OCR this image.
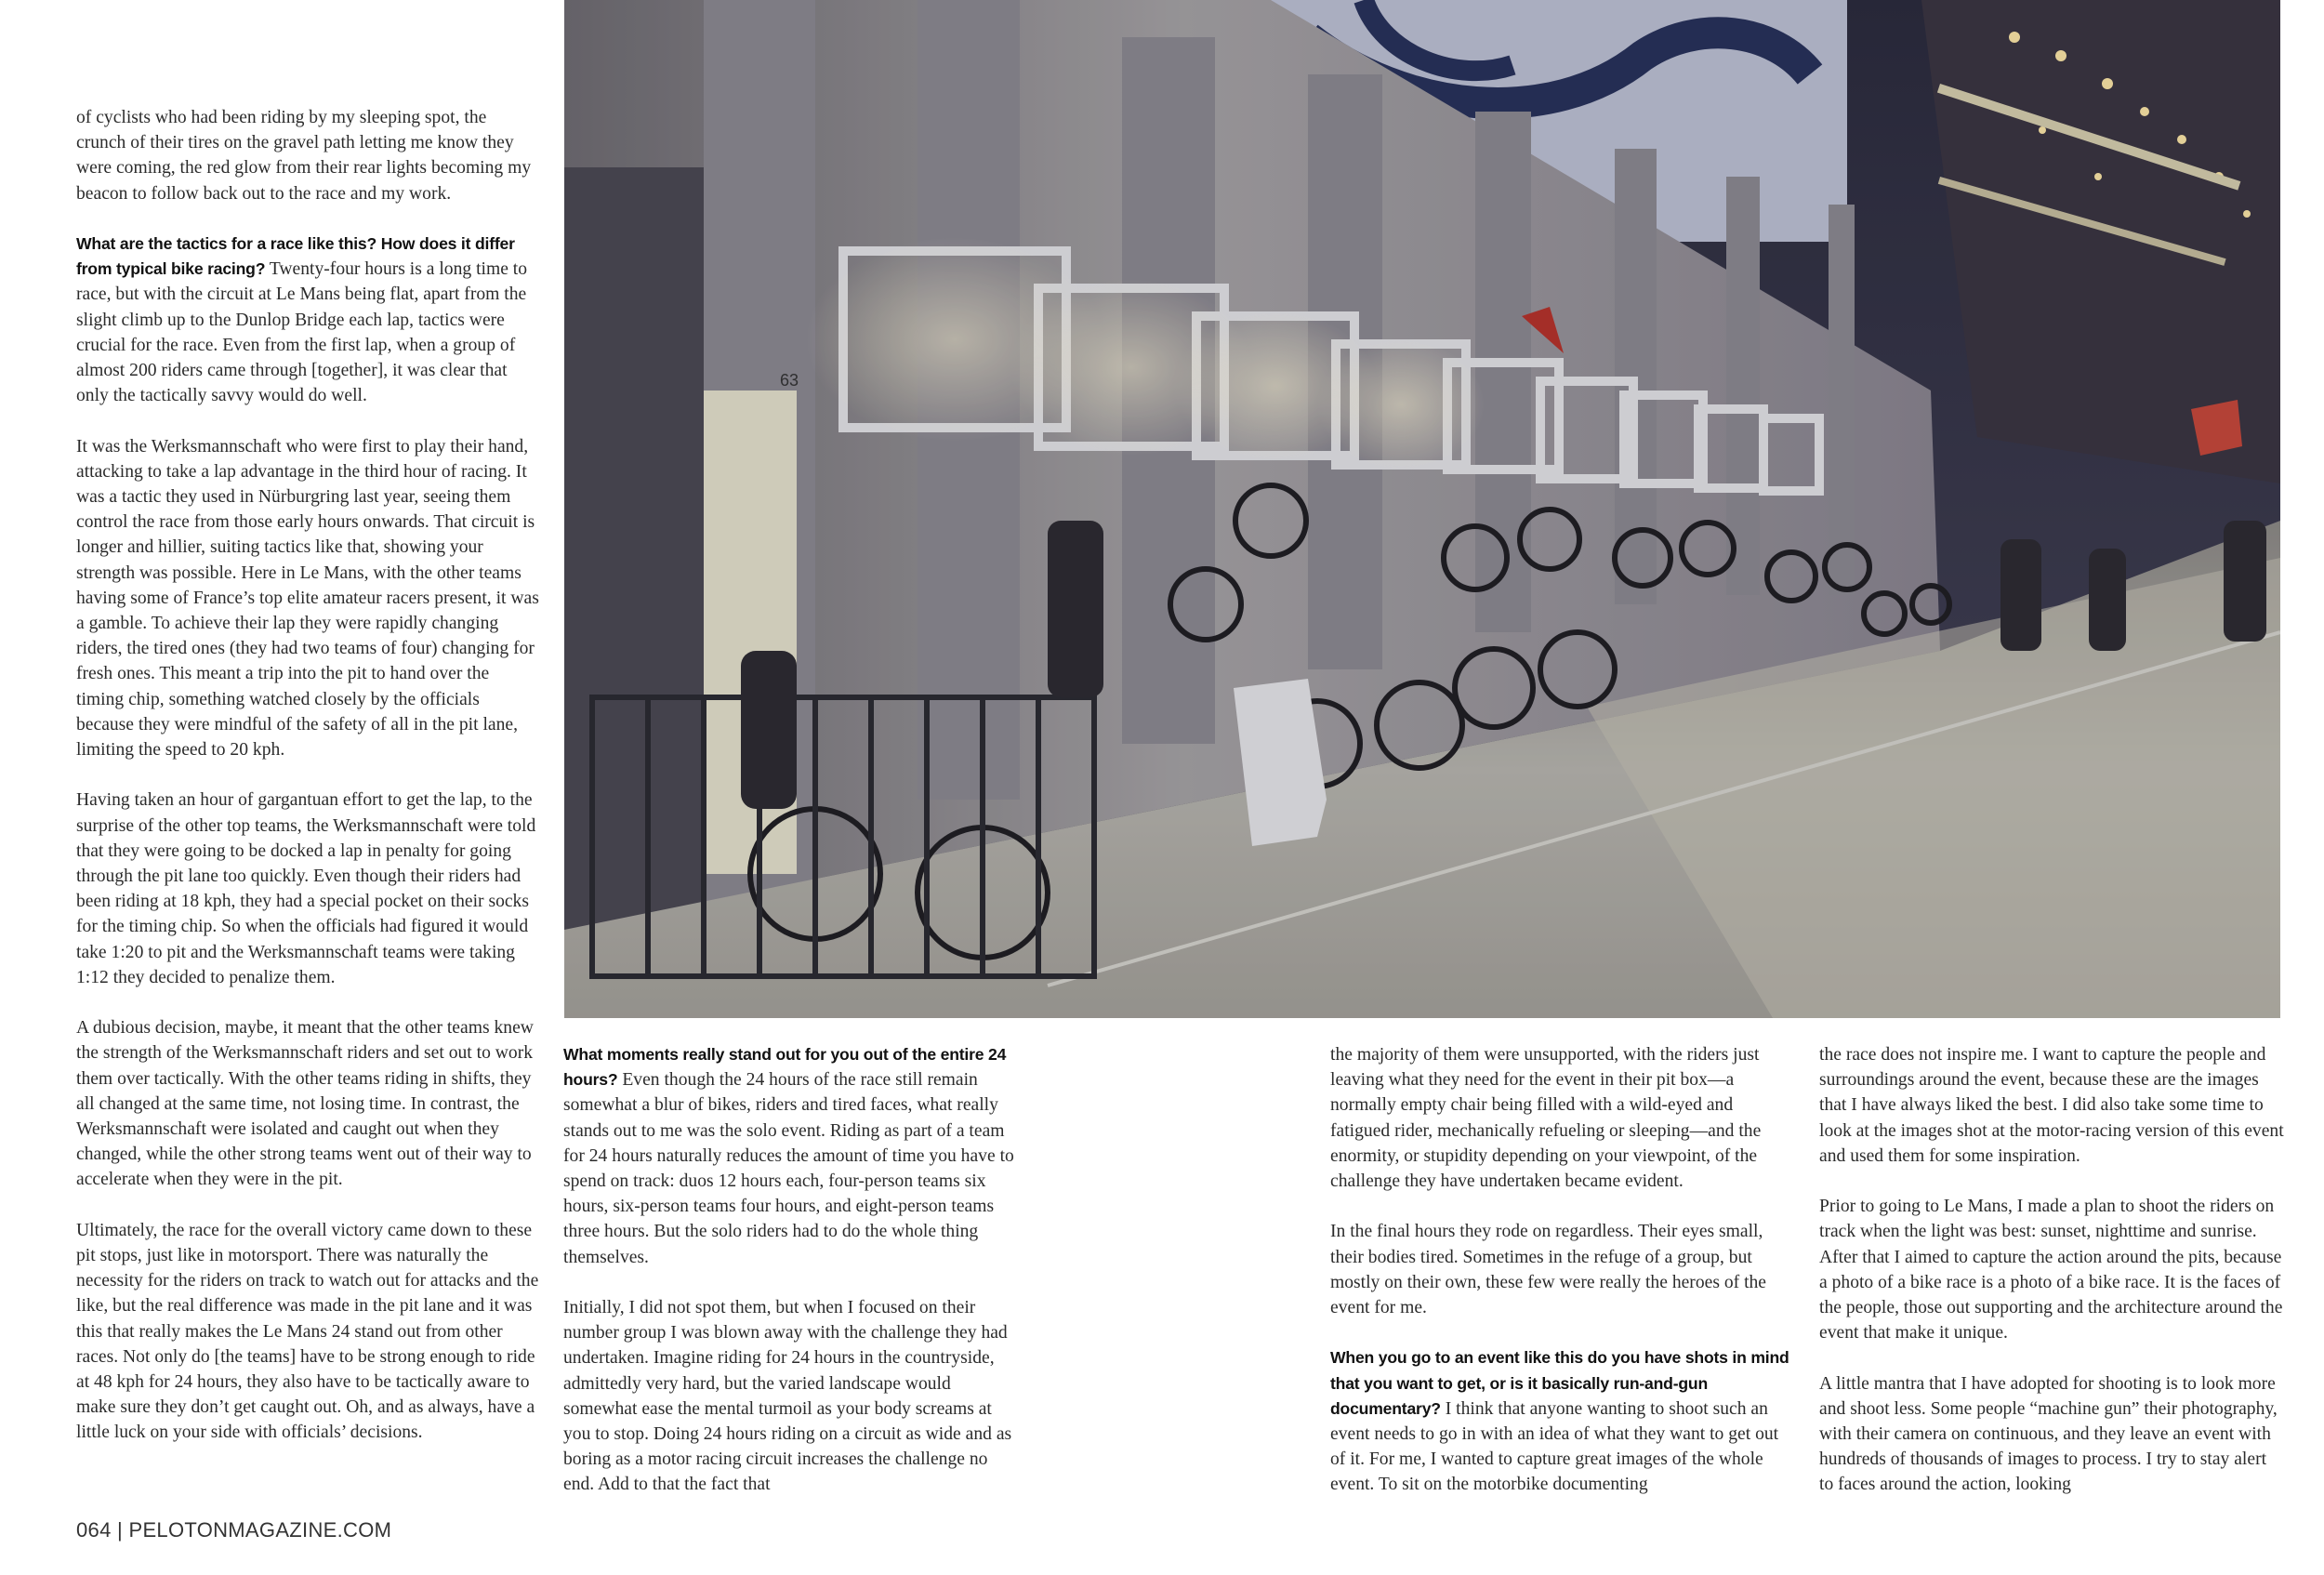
of cyclists who had been riding by my sleeping spot, the crunch of their tires on the gravel path letting me know they were coming, the red glow from their rear lights becoming my beacon to follow back out to the race and my work.

What are the tactics for a race like this? How does it differ from typical bike racing? Twenty-four hours is a long time to race, but with the circuit at Le Mans being flat, apart from the slight climb up to the Dunlop Bridge each lap, tactics were crucial for the race. Even from the first lap, when a group of almost 200 riders came through [together], it was clear that only the tactically savvy would do well.

It was the Werksmannschaft who were first to play their hand, attacking to take a lap advantage in the third hour of racing. It was a tactic they used in Nürburgring last year, seeing them control the race from those early hours onwards. That circuit is longer and hillier, suiting tactics like that, showing your strength was possible. Here in Le Mans, with the other teams having some of France’s top elite amateur racers present, it was a gamble. To achieve their lap they were rapidly changing riders, the tired ones (they had two teams of four) changing for fresh ones. This meant a trip into the pit to hand over the timing chip, something watched closely by the officials because they were mindful of the safety of all in the pit lane, limiting the speed to 20 kph.

Having taken an hour of gargantuan effort to get the lap, to the surprise of the other top teams, the Werksmannschaft were told that they were going to be docked a lap in penalty for going through the pit lane too quickly. Even though their riders had been riding at 18 kph, they had a special pocket on their socks for the timing chip. So when the officials had figured it would take 1:20 to pit and the Werksmannschaft teams were taking 1:12 they decided to penalize them.

A dubious decision, maybe, it meant that the other teams knew the strength of the Werksmannschaft riders and set out to work them over tactically. With the other teams riding in shifts, they all changed at the same time, not losing time. In contrast, the Werksmannschaft were isolated and caught out when they changed, while the other strong teams went out of their way to accelerate when they were in the pit.

Ultimately, the race for the overall victory came down to these pit stops, just like in motorsport. There was naturally the necessity for the riders on track to watch out for attacks and the like, but the real difference was made in the pit lane and it was this that really makes the Le Mans 24 stand out from other races. Not only do [the teams] have to be strong enough to ride at 48 kph for 24 hours, they also have to be tactically aware to make sure they don’t get caught out. Oh, and as always, have a little luck on your side with officials’ decisions.

63

What moments really stand out for you out of the entire 24 hours? Even though the 24 hours of the race still remain somewhat a blur of bikes, riders and tired faces, what really stands out to me was the solo event. Riding as part of a team for 24 hours naturally reduces the amount of time you have to spend on track: duos 12 hours each, four-person teams six hours, six-person teams four hours, and eight-person teams three hours. But the solo riders had to do the whole thing themselves.

Initially, I did not spot them, but when I focused on their number group I was blown away with the challenge they had undertaken. Imagine riding for 24 hours in the countryside, admittedly very hard, but the varied landscape would somewhat ease the mental turmoil as your body screams at you to stop. Doing 24 hours riding on a circuit as wide and as boring as a motor racing circuit increases the challenge no end. Add to that the fact that

the majority of them were unsupported, with the riders just leaving what they need for the event in their pit box—a normally empty chair being filled with a wild-eyed and fatigued rider, mechanically refueling or sleeping—and the enormity, or stupidity depending on your viewpoint, of the challenge they have undertaken became evident.

In the final hours they rode on regardless. Their eyes small, their bodies tired. Sometimes in the refuge of a group, but mostly on their own, these few were really the heroes of the event for me.

When you go to an event like this do you have shots in mind that you want to get, or is it basically run-and-gun documentary? I think that anyone wanting to shoot such an event needs to go in with an idea of what they want to get out of it. For me, I wanted to capture great images of the whole event. To sit on the motorbike documenting

the race does not inspire me. I want to capture the people and surroundings around the event, because these are the images that I have always liked the best. I did also take some time to look at the images shot at the motor-racing version of this event and used them for some inspiration.

Prior to going to Le Mans, I made a plan to shoot the riders on track when the light was best: sunset, nighttime and sunrise. After that I aimed to capture the action around the pits, because a photo of a bike race is a photo of a bike race. It is the faces of the people, those out supporting and the architecture around the event that make it unique.

A little mantra that I have adopted for shooting is to look more and shoot less. Some people “machine gun” their photography, with their camera on continuous, and they leave an event with hundreds of thousands of images to process. I try to stay alert to faces around the action, looking

064 | PELOTONMAGAZINE.COM
